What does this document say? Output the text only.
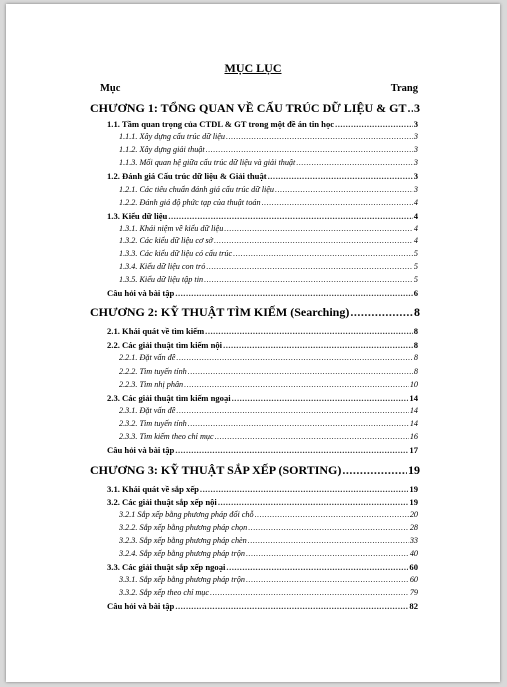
MỤC LỤC
Mục	Trang
CHƯƠNG 1: TỔNG QUAN VỀ CẤU TRÚC DỮ LIỆU & GT ..... 3
1.1. Tầm quan trọng của CTDL & GT trong một đề án tin học .....	3
1.1.1. Xây dựng cấu trúc dữ liệu .....	3
1.1.2. Xây dựng giải thuật .....	3
1.1.3. Mối quan hệ giữa cấu trúc dữ liệu và giải thuật .....	3
1.2. Đánh giá Cấu trúc dữ liệu & Giải thuật .....	3
1.2.1. Các tiêu chuẩn đánh giá cấu trúc dữ liệu .....	3
1.2.2. Đánh giá độ phức tạp của thuật toán .....	4
1.3. Kiểu dữ liệu .....	4
1.3.1. Khái niệm về kiểu dữ liệu .....	4
1.3.2. Các kiểu dữ liệu cơ sở .....	4
1.3.3. Các kiểu dữ liệu có cấu trúc .....	5
1.3.4. Kiểu dữ liệu con trỏ .....	5
1.3.5. Kiểu dữ liệu tập tin .....	5
Câu hỏi và bài tập .....	6
CHƯƠNG 2: KỸ THUẬT TÌM KIẾM (Searching) .....	8
2.1. Khái quát về tìm kiếm .....	8
2.2. Các giải thuật tìm kiếm nội .....	8
2.2.1. Đặt vấn đề .....	8
2.2.2. Tìm tuyến tính .....	8
2.2.3. Tìm nhị phân .....	10
2.3. Các giải thuật tìm kiếm ngoại .....	14
2.3.1. Đặt vấn đề .....	14
2.3.2. Tìm tuyến tính .....	14
2.3.3. Tìm kiếm theo chỉ mục .....	16
Câu hỏi và bài tập .....	17
CHƯƠNG 3: KỸ THUẬT SẮP XẾP (SORTING) .....	19
3.1. Khái quát về sắp xếp .....	19
3.2. Các giải thuật sắp xếp nội .....	19
3.2.1 Sắp xếp bằng phương pháp đổi chỗ .....	20
3.2.2. Sắp xếp bằng phương pháp chọn .....	28
3.2.3. Sắp xếp bằng phương pháp chèn .....	33
3.2.4. Sắp xếp bằng phương pháp trộn .....	40
3.3. Các giải thuật sắp xếp ngoại .....	60
3.3.1. Sắp xếp bằng phương pháp trộn .....	60
3.3.2. Sắp xếp theo chỉ mục .....	79
Câu hỏi và bài tập .....	82
